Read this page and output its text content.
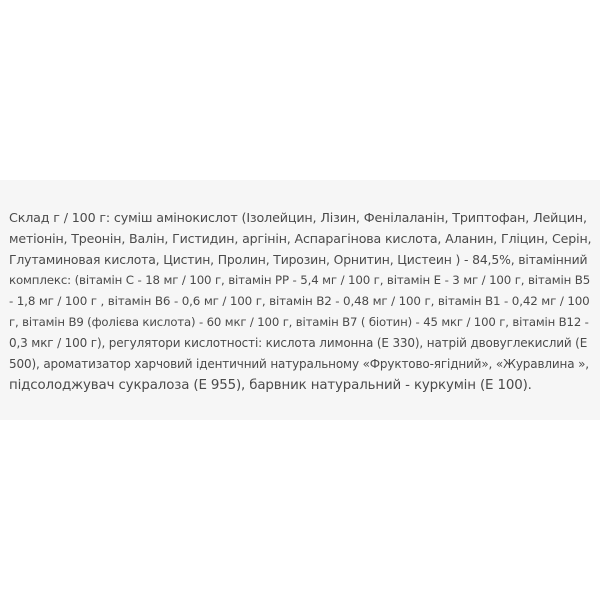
Склад г / 100 г: суміш амінокислот (Ізолейцин, Лізин, Фенілаланін, Триптофан, Лейцин,
метіонін, Треонін, Валін, Гистидин, аргінін, Аспарагінова кислота, Аланин, Гліцин, Серін,
Глутаминовая кислота, Цистин, Пролин, Тирозин, Орнитин, Цистеин ) - 84,5%, вітамінний
комплекс: (вітамін С - 18 мг / 100 г, вітамін РР - 5,4 мг / 100 г, вітамін Е - 3 мг / 100 г, вітамін В5
- 1,8 мг / 100 г , вітамін В6 - 0,6 мг / 100 г, вітамін В2 - 0,48 мг / 100 г, вітамін В1 - 0,42 мг / 100
г, вітамін В9 (фолієва кислота) - 60 мкг / 100 г, вітамін В7 ( біотин) - 45 мкг / 100 г, вітамін В12 -
0,3 мкг / 100 г), регулятори кислотності: кислота лимонна (Е 330), натрій двовуглекислий (Е
500), ароматизатор харчовий ідентичний натуральному «Фруктово-ягідний», «Журавлина »,
підсолоджувач сукралоза (Е 955), барвник натуральний - куркумін (Е 100).
